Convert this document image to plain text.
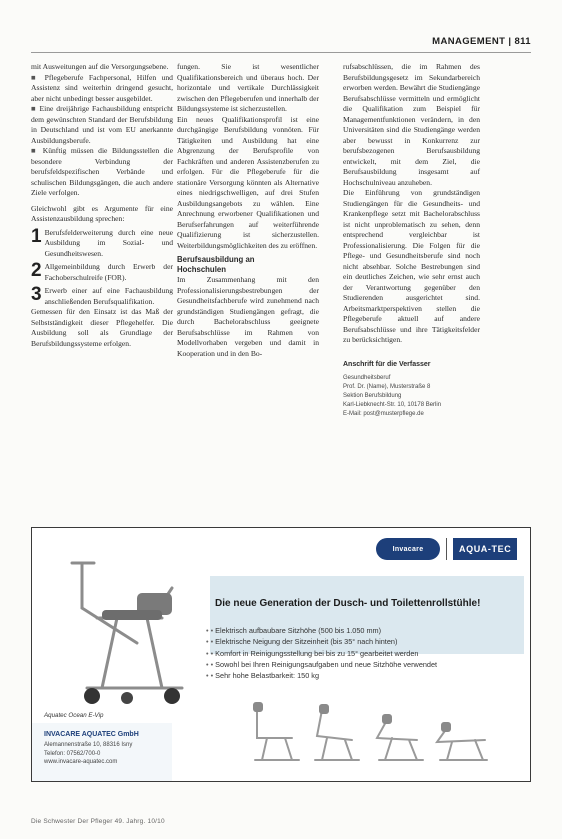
MANAGEMENT | 811

mit Ausweitungen auf die Versorgungsebene.

■ Pflegeberufe Fachpersonal, Hilfen und Assistenz sind weiterhin dringend gesucht, aber nicht unbedingt besser ausgebildet.

■ Eine dreijährige Fachausbildung entspricht dem gewünschten Standard der Berufsbildung in Deutschland und ist vom EU anerkannte Ausbildungsberufe.

■ Künftig müssen die Bildungsstellen die besondere Verbindung der berufsfeldspezifischen Verbände und schulischen Bildungsgängen, die auch andere Ziele verfolgen.

Gleichwohl gibt es Argumente für eine Assistenzausbildung sprechen:

1 Berufsfelderweiterung durch eine neue Ausbildung im Sozial- und Gesundheitswesen.
2 Allgemeinbildung durch Erwerb der Fachoberschulreife (FOR).
3 Erwerb einer auf eine Fachausbildung anschließenden Berufsqualifikation.

Gemessen für den Einsatz ist das Maß der Selbstständigkeit dieser Pflegehelfer. Die Ausbildung soll als Grundlage der Berufsbildungssysteme erfolgen.

fungen. Sie ist wesentlicher Qualifikationsbereich und überaus hoch. Der horizontale und vertikale Durchlässigkeit zwischen den Pflegeberufen und innerhalb der Bildungssysteme ist sicherzustellen.

Ein neues Qualifikationsprofil ist eine durchgängige Berufsbildung vonnöten. Für Tätigkeiten und Ausbildung hat eine Abgrenzung der Berufsprofile von Fachkräften und anderen Assistenzberufen zu erfolgen. Für die Pflegeberufe für die stationäre Versorgung könnten als Alternative eines niedrigschwelligen, auf drei Stufen Ausbildungsangebots zu wählen. Eine Anrechnung erworbener Qualifikationen und Berufserfahrungen auf weiterführende Qualifizierung ist sicherzustellen. Weiterbildungsmöglichkeiten des zu eröffnen.

Berufsausbildung an
Hochschulen

Im Zusammenhang mit den Professionalisierungsbestrebungen der Gesundheitsfachberufe wird zunehmend nach grundständigen Studiengängen gefragt, die durch Bachelorabschluss geeignete Berufsabschlüsse im Rahmen von Modellvorhaben vergeben und damit in Kooperation und in den Bo-

rufsabschlüssen, die im Rahmen des Berufsbildungsgesetz im Sekundarbereich erworben werden. Bewährt die Studiengänge Berufsabschlüsse vermitteln und ermöglicht die Qualifikation zum Beispiel für Managementfunktionen verändern, in den Universitäten sind die Studiengänge werden aber bewusst in Konkurrenz zur berufsbezogenen Berufsausbildung entwickelt, mit dem Ziel, die Berufsausbildung insgesamt auf Hochschulniveau anzuheben.

Die Einführung von grundständigen Studiengängen für die Gesundheits- und Krankenpflege setzt mit Bachelorabschluss ist nicht unproblematisch zu sehen, denn entsprechend vergleichbar ist Professionalisierung. Die Folgen für die Pflege- und Gesundheitsberufe sind noch nicht absehbar. Solche Bestrebungen sind ein deutliches Zeichen, wie sehr ernst auch der Verantwortung gegenüber den Studierenden ausgerichtet sind. Arbeitsmarktperspektiven stellen die Pflegeberufe aktuell auf andere Berufsabschlüsse und ihre Tätigkeitsfelder zu berücksichtigen.

Anschrift für die Verfasser
Gesundheitsberuf
Prof. Dr. (Name), Musterstraße 8
Sektion Berufsbildung
Karl-Liebknecht-Str. 10, 10178 Berlin
E-Mail: post@musterpflege.de
Invacare	AQUA-TEC
Die neue Generation der Dusch- und Toilettenrollstühle!
• • Elektrisch aufbaubare Sitzhöhe (500 bis 1.050 mm)
• • Elektrische Neigung der Sitzeinheit (bis 35° nach hinten)
• • Komfort in Reinigungsstellung bei bis zu 15° gearbeitet werden
• • Sowohl bei Ihren Reinigungsaufgaben und neue Sitzhöhe verwendet
• • Sehr hohe Belastbarkeit: 150 kg
Aquatec Ocean E-Vip
INVACARE AQUATEC GmbH
Alemannenstraße 10, 88316 Isny
Telefon: 07562/700-0
www.invacare-aquatec.com
Die Schwester Der Pfleger 49. Jahrg. 10/10
